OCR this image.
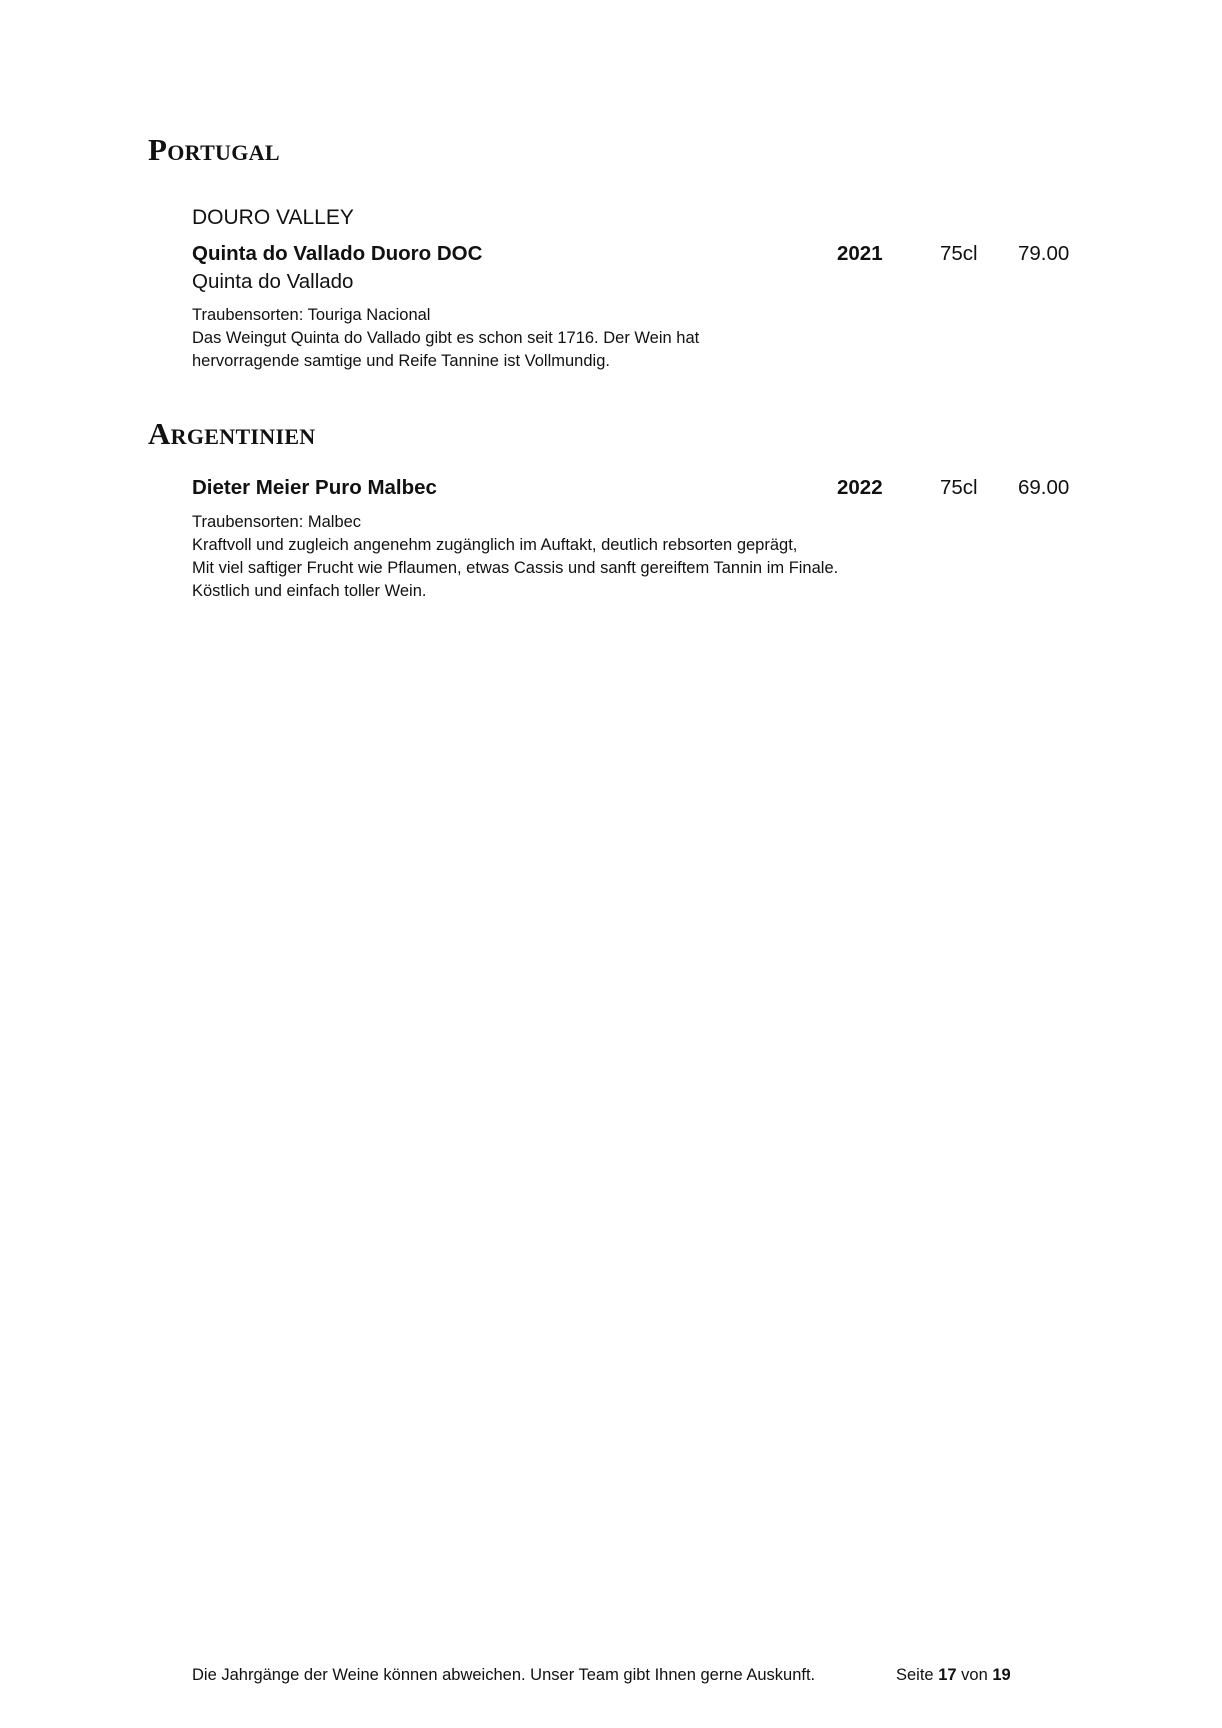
Portugal
DOURO VALLEY
Quinta do Vallado Duoro DOC	2021	75cl 79.00
Quinta do Vallado
Traubensorten: Touriga Nacional
Das Weingut Quinta do Vallado gibt es schon seit 1716. Der Wein hat
hervorragende samtige und Reife Tannine ist Vollmundig.
Argentinien
Dieter Meier Puro Malbec	2022	75cl 69.00
Traubensorten: Malbec
Kraftvoll und zugleich angenehm zugänglich im Auftakt, deutlich rebsorten geprägt,
Mit viel saftiger Frucht wie Pflaumen, etwas Cassis und sanft gereiftem Tannin im Finale.
Köstlich und einfach toller Wein.
Die Jahrgänge der Weine können abweichen. Unser Team gibt Ihnen gerne Auskunft.	Seite 17 von 19
